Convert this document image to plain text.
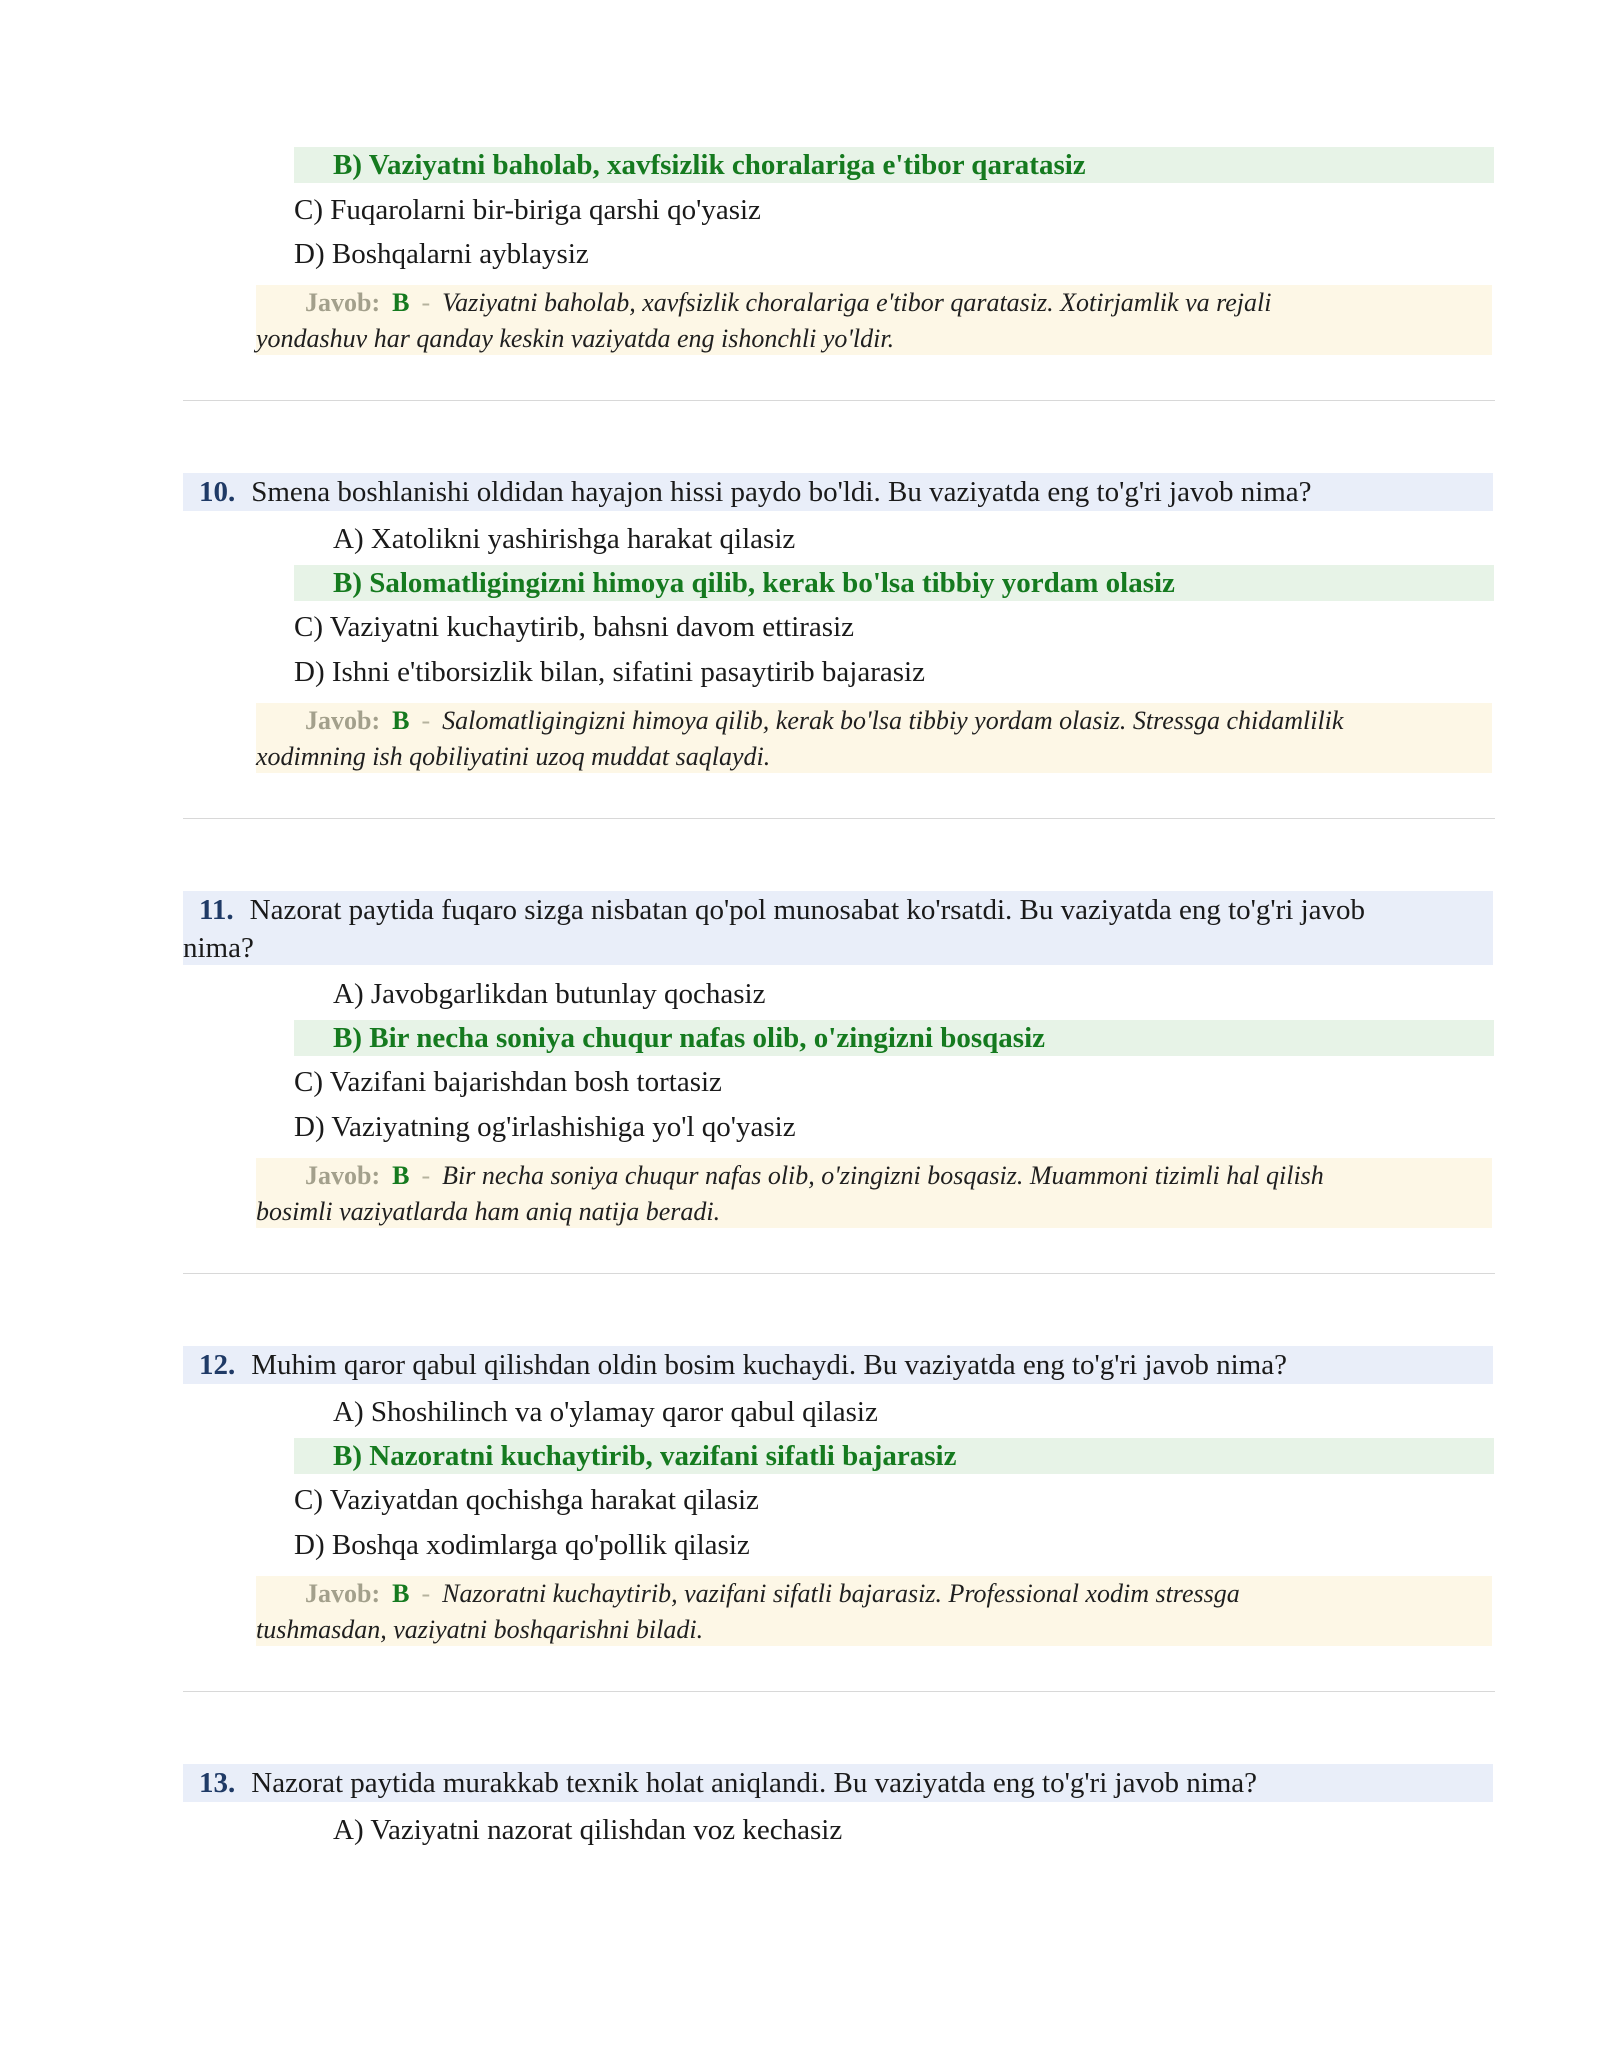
B) Vaziyatni baholab, xavfsizlik choralariga e'tibor qaratasiz
C) Fuqarolarni bir-biriga qarshi qo'yasiz
D) Boshqalarni ayblaysiz
Javob: B - Vaziyatni baholab, xavfsizlik choralariga e'tibor qaratasiz. Xotirjamlik va rejali
yondashuv har qanday keskin vaziyatda eng ishonchli yo'ldir.
10. Smena boshlanishi oldidan hayajon hissi paydo bo'ldi. Bu vaziyatda eng to'g'ri javob nima?
A) Xatolikni yashirishga harakat qilasiz
B) Salomatligingizni himoya qilib, kerak bo'lsa tibbiy yordam olasiz
C) Vaziyatni kuchaytirib, bahsni davom ettirasiz
D) Ishni e'tiborsizlik bilan, sifatini pasaytirib bajarasiz
Javob: B - Salomatligingizni himoya qilib, kerak bo'lsa tibbiy yordam olasiz. Stressga chidamlilik
xodimning ish qobiliyatini uzoq muddat saqlaydi.
11. Nazorat paytida fuqaro sizga nisbatan qo'pol munosabat ko'rsatdi. Bu vaziyatda eng to'g'ri javob
nima?
A) Javobgarlikdan butunlay qochasiz
B) Bir necha soniya chuqur nafas olib, o'zingizni bosqasiz
C) Vazifani bajarishdan bosh tortasiz
D) Vaziyatning og'irlashishiga yo'l qo'yasiz
Javob: B - Bir necha soniya chuqur nafas olib, o'zingizni bosqasiz. Muammoni tizimli hal qilish
bosimli vaziyatlarda ham aniq natija beradi.
12. Muhim qaror qabul qilishdan oldin bosim kuchaydi. Bu vaziyatda eng to'g'ri javob nima?
A) Shoshilinch va o'ylamay qaror qabul qilasiz
B) Nazoratni kuchaytirib, vazifani sifatli bajarasiz
C) Vaziyatdan qochishga harakat qilasiz
D) Boshqa xodimlarga qo'pollik qilasiz
Javob: B - Nazoratni kuchaytirib, vazifani sifatli bajarasiz. Professional xodim stressga
tushmasdan, vaziyatni boshqarishni biladi.
13. Nazorat paytida murakkab texnik holat aniqlandi. Bu vaziyatda eng to'g'ri javob nima?
A) Vaziyatni nazorat qilishdan voz kechasiz
